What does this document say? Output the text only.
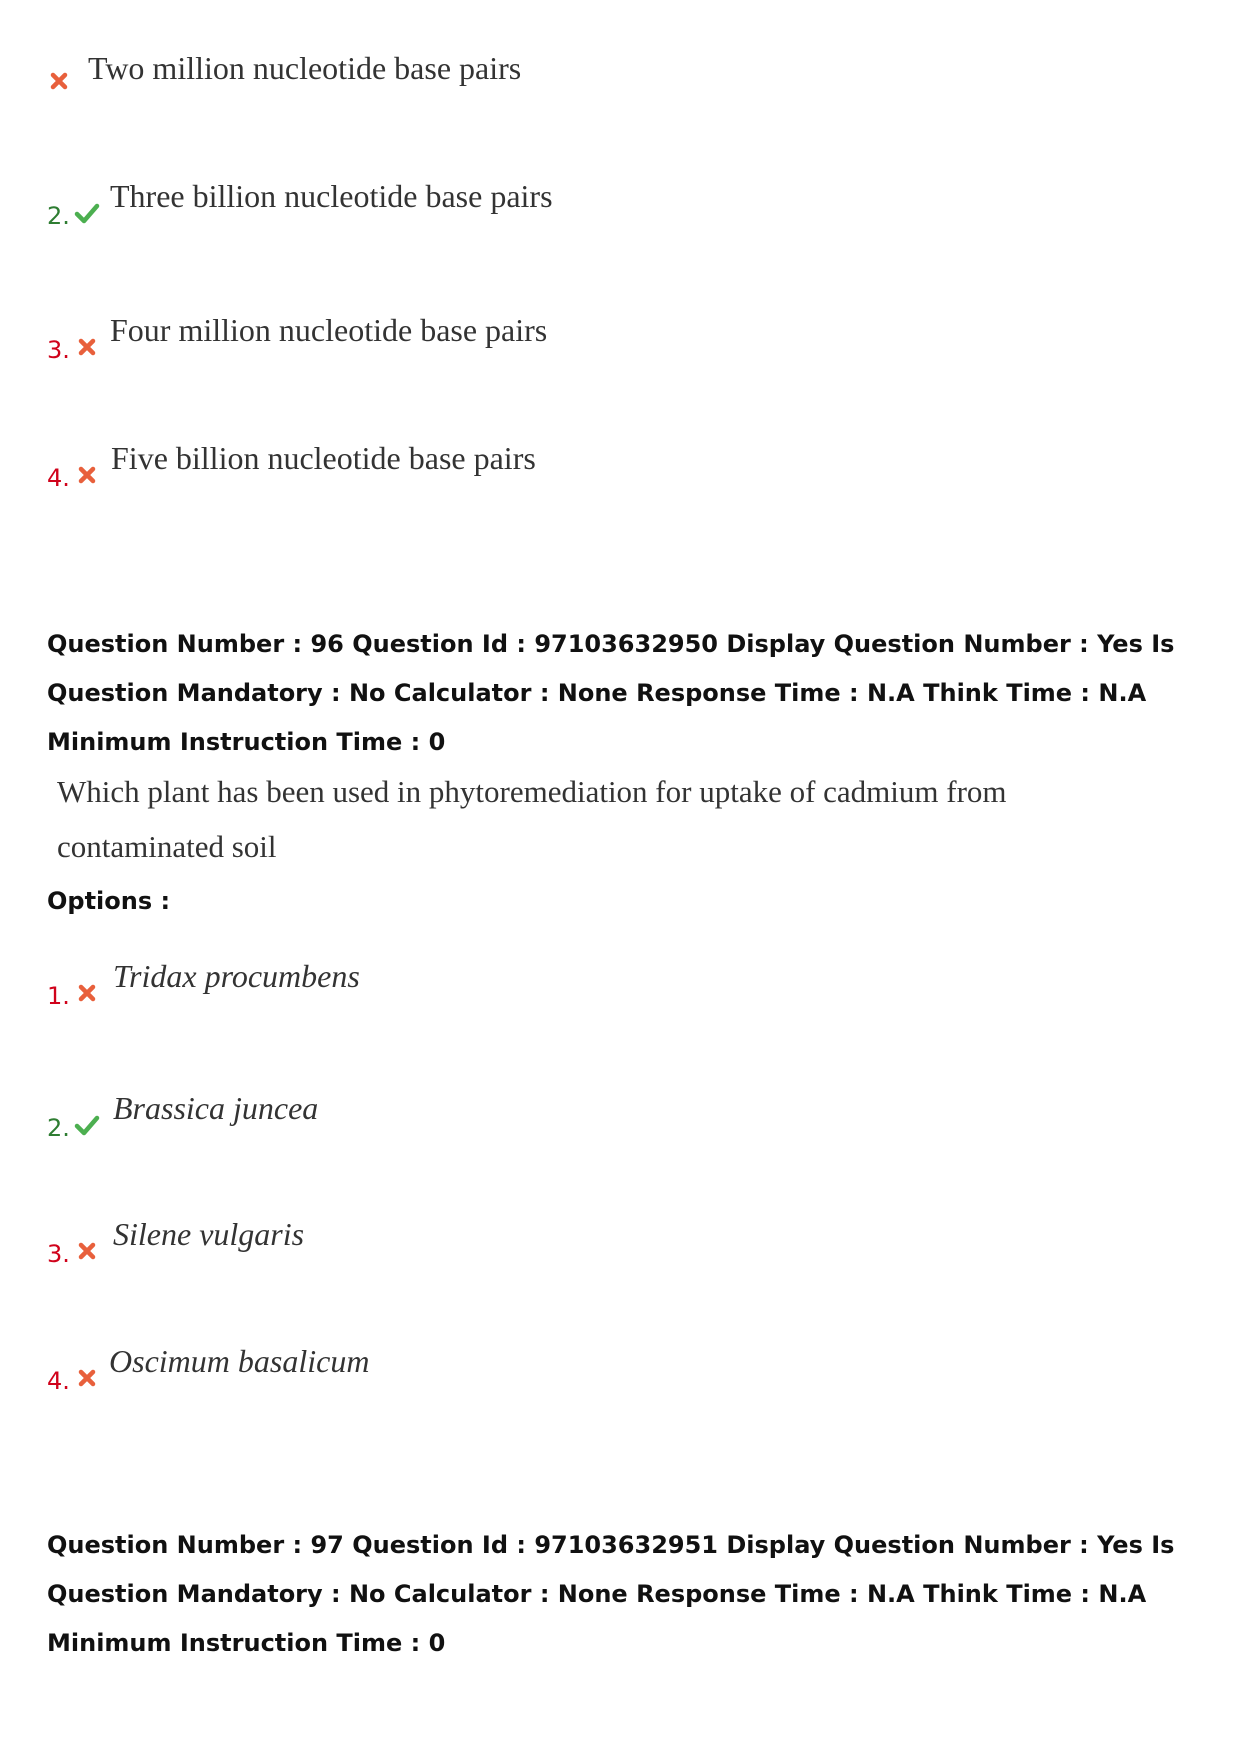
Two million nucleotide base pairs
2.
Three billion nucleotide base pairs
3.
Four million nucleotide base pairs
4.
Five billion nucleotide base pairs
Question Number : 96 Question Id : 97103632950 Display Question Number : Yes Is Question Mandatory : No Calculator : None Response Time : N.A Think Time : N.A Minimum Instruction Time : 0
Which plant has been used in phytoremediation for uptake of cadmium from
contaminated soil
Options :
1.
Tridax procumbens
2.
Brassica juncea
3.
Silene vulgaris
4.
Oscimum basalicum
Question Number : 97 Question Id : 97103632951 Display Question Number : Yes Is Question Mandatory : No Calculator : None Response Time : N.A Think Time : N.A Minimum Instruction Time : 0
